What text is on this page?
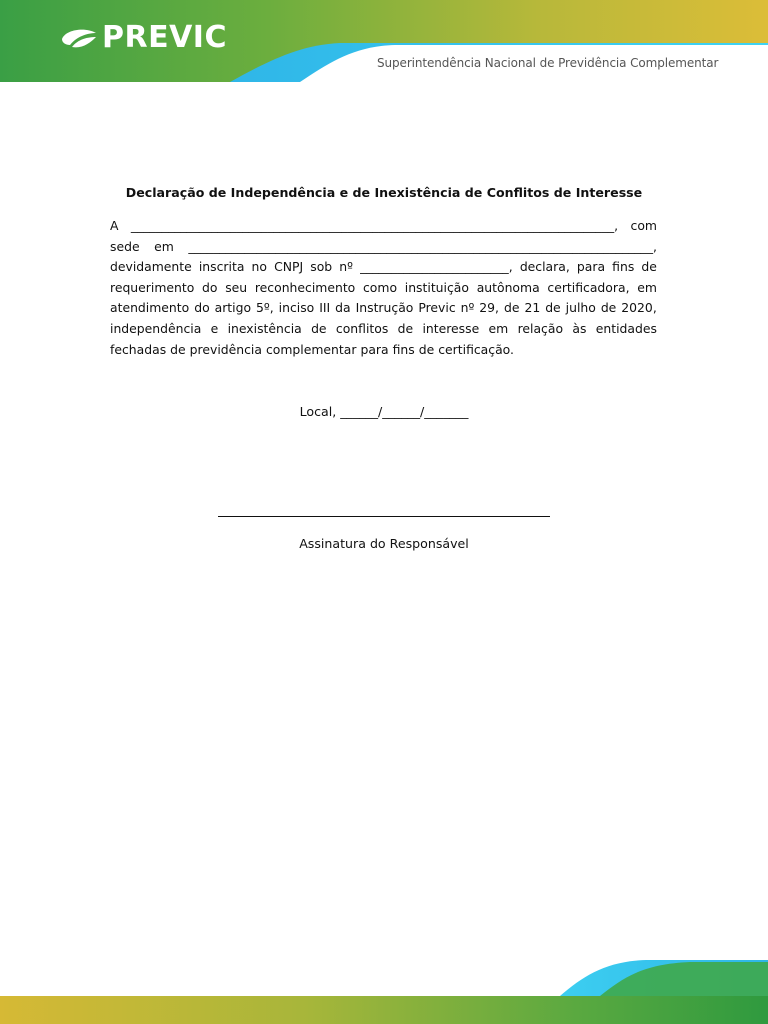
PREVIC
Superintendência Nacional de Previdência Complementar
Declaração de Independência e de Inexistência de Conflitos de Interesse
A ______________________________________________________________________________, com
sede em ___________________________________________________________________________,
devidamente inscrita no CNPJ sob nº ________________________, declara, para fins de
requerimento do seu reconhecimento como instituição autônoma certificadora, em
atendimento do artigo 5º, inciso III da Instrução Previc nº 29, de 21 de julho de 2020,
independência e inexistência de conflitos de interesse em relação às entidades
fechadas de previdência complementar para fins de certificação.
Local, ______/______/_______
Assinatura do Responsável
